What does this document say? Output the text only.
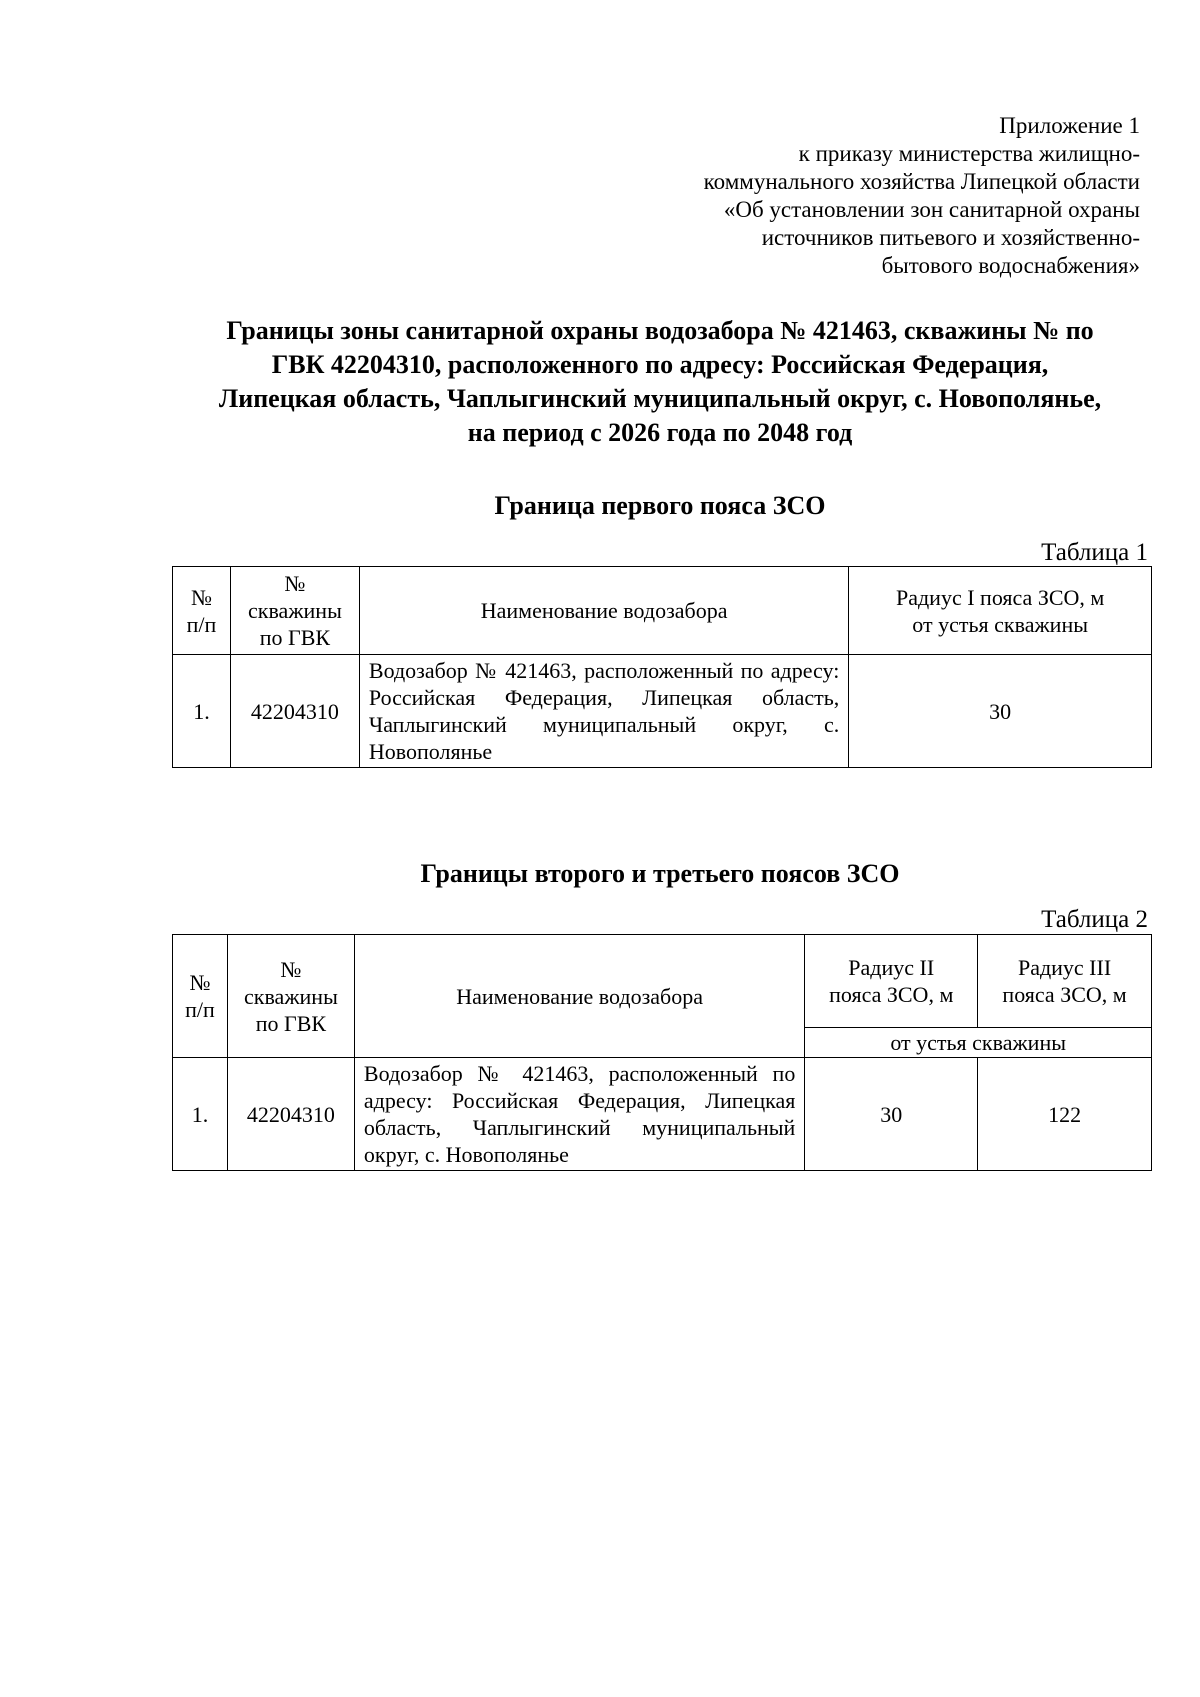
Приложение 1
к приказу министерства жилищно-
коммунального хозяйства Липецкой области
«Об установлении зон санитарной охраны
источников питьевого и хозяйственно-
бытового водоснабжения»
Границы зоны санитарной охраны водозабора № 421463, скважины № по
ГВК 42204310, расположенного по адресу: Российская Федерация,
Липецкая область, Чаплыгинский муниципальный округ, с. Новополянье,
на период с 2026 года по 2048 год
Граница первого пояса ЗСО
Таблица 1
№
п/п	№
скважины
по ГВК	Наименование водозабора	Радиус I пояса ЗСО, м
от устья скважины

1.	42204310	Водозабор № 421463, расположенный по адресу: Российская Федерация, Липецкая область, Чаплыгинский муниципальный округ, с. Новополянье	30
Границы второго и третьего поясов ЗСО
Таблица 2
№
п/п	№
скважины
по ГВК	Наименование водозабора	Радиус II
пояса ЗСО, м	Радиус III
пояса ЗСО, м

			от устья скважины	
1.	42204310	Водозабор № 421463, расположенный по адресу: Российская Федерация, Липецкая область, Чаплыгинский муниципальный округ, с. Новополянье	30	122
